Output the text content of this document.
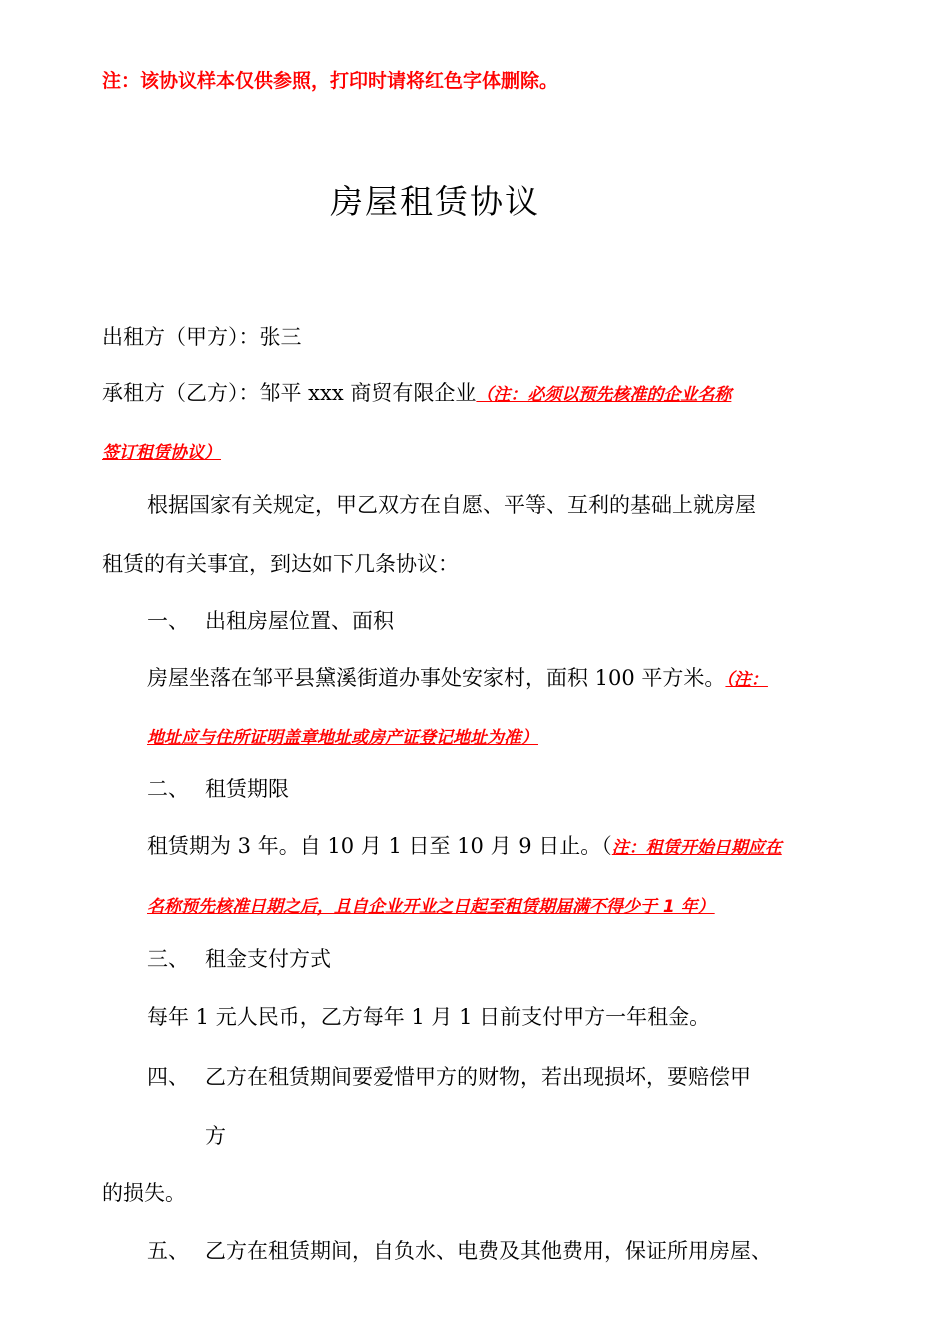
注：该协议样本仅供参照，打印时请将红色字体删除。
房屋租赁协议
出租方（甲方）：张三
承租方（乙方）：邹平 xxx 商贸有限企业（注：必须以预先核准的企业名称
签订租赁协议）
根据国家有关规定，甲乙双方在自愿、平等、互利的基础上就房屋
租赁的有关事宜，到达如下几条协议：
一、 出租房屋位置、面积
房屋坐落在邹平县黛溪街道办事处安家村，面积 100 平方米。（注：
地址应与住所证明盖章地址或房产证登记地址为准）
二、 租赁期限
租赁期为 3 年。自 10 月 1 日至 10 月 9 日止。（注：租赁开始日期应在
名称预先核准日期之后，且自企业开业之日起至租赁期届满不得少于 1 年）
三、 租金支付方式
每年 1 元人民币，乙方每年 1 月 1 日前支付甲方一年租金。
四、 乙方在租赁期间要爱惜甲方的财物，若出现损坏，要赔偿甲
方
的损失。
五、 乙方在租赁期间，自负水、电费及其他费用，保证所用房屋、
